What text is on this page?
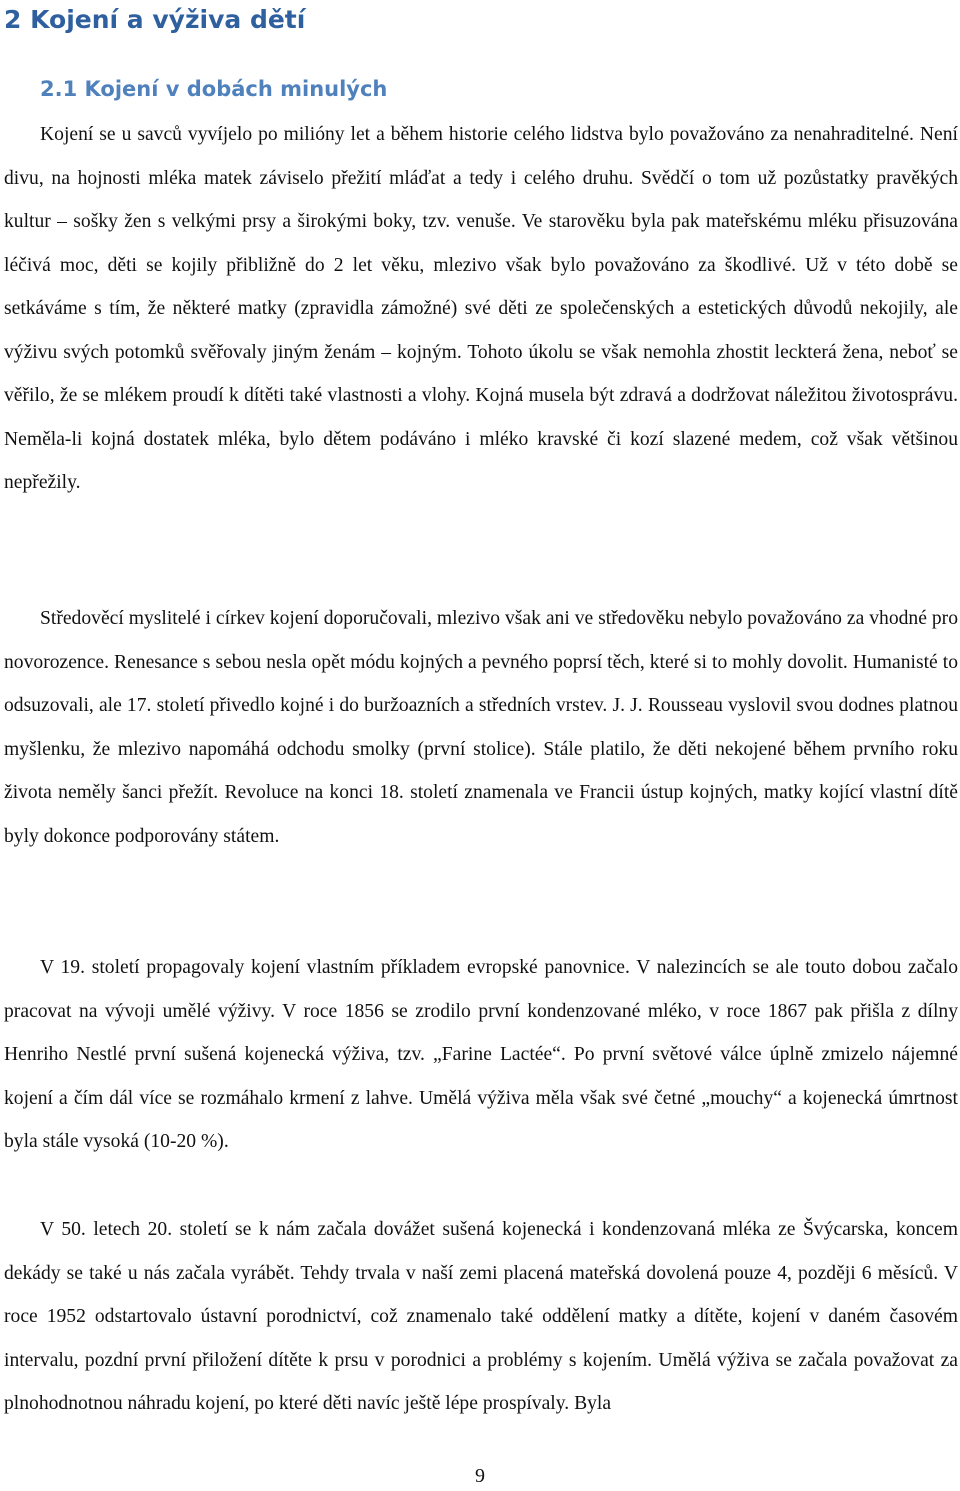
2 Kojení a výživa dětí
2.1 Kojení v dobách minulých

Kojení se u savců vyvíjelo po milióny let a během historie celého lidstva bylo považováno za nenahraditelné. Není divu, na hojnosti mléka matek záviselo přežití mláďat a tedy i celého druhu. Svědčí o tom už pozůstatky pravěkých kultur – sošky žen s velkými prsy a širokými boky, tzv. venuše. Ve starověku byla pak mateřskému mléku přisuzována léčivá moc, děti se kojily přibližně do 2 let věku, mlezivo však bylo považováno za škodlivé. Už v této době se setkáváme s tím, že některé matky (zpravidla zámožné) své děti ze společenských a estetických důvodů nekojily, ale výživu svých potomků svěřovaly jiným ženám – kojným. Tohoto úkolu se však nemohla zhostit leckterá žena, neboť se věřilo, že se mlékem proudí k dítěti také vlastnosti a vlohy. Kojná musela být zdravá a dodržovat náležitou životosprávu. Neměla-li kojná dostatek mléka, bylo dětem podáváno i mléko kravské či kozí slazené medem, což však většinou nepřežily.

Středověcí myslitelé i církev kojení doporučovali, mlezivo však ani ve středověku nebylo považováno za vhodné pro novorozence. Renesance s sebou nesla opět módu kojných a pevného poprsí těch, které si to mohly dovolit. Humanisté to odsuzovali, ale 17. století přivedlo kojné i do buržoazních a středních vrstev. J. J. Rousseau vyslovil svou dodnes platnou myšlenku, že mlezivo napomáhá odchodu smolky (první stolice). Stále platilo, že děti nekojené během prvního roku života neměly šanci přežít. Revoluce na konci 18. století znamenala ve Francii ústup kojných, matky kojící vlastní dítě byly dokonce podporovány státem.

V 19. století propagovaly kojení vlastním příkladem evropské panovnice. V nalezincích se ale touto dobou začalo pracovat na vývoji umělé výživy. V roce 1856 se zrodilo první kondenzované mléko, v roce 1867 pak přišla z dílny Henriho Nestlé první sušená kojenecká výživa, tzv. „Farine Lactée“. Po první světové válce úplně zmizelo nájemné kojení a čím dál více se rozmáhalo krmení z lahve. Umělá výživa měla však své četné „mouchy“ a kojenecká úmrtnost byla stále vysoká (10-20 %).

V 50. letech 20. století se k nám začala dovážet sušená kojenecká i kondenzovaná mléka ze Švýcarska, koncem dekády se také u nás začala vyrábět. Tehdy trvala v naší zemi placená mateřská dovolená pouze 4, později 6 měsíců. V roce 1952 odstartovalo ústavní porodnictví, což znamenalo také oddělení matky a dítěte, kojení v daném časovém intervalu, pozdní první přiložení dítěte k prsu v porodnici a problémy s kojením. Umělá výživa se začala považovat za plnohodnotnou náhradu kojení, po které děti navíc ještě lépe prospívaly. Byla

9
